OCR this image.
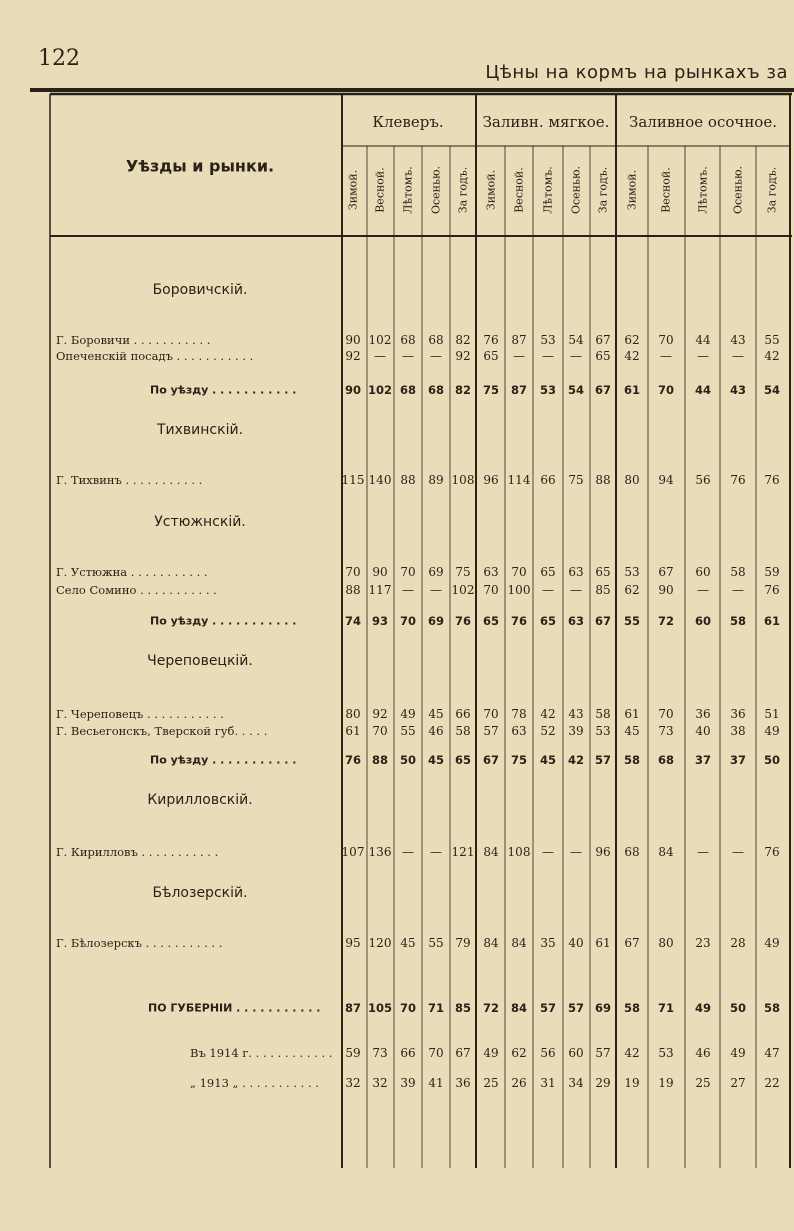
122
Цѣны на кормъ на рынкахъ за
Уѣзды и рынки.
Клеверъ.	Заливн. мягкое. Заливное осочное.
Зимой. Весной. Лѣтомъ. Осенью. За годъ. Зимой. Весной. Лѣтомъ. Осенью. За годъ. Зимой. Весной. Лѣтомъ. Осенью. За годъ.
Боровичскій.
Г. Боровичи . . . . . . . . . . .	90 102 68 68 82 76 87 53 54 67 62 70 44 43 55
Опеченскій посадъ . . . . . . . . . . .	92 — — — 92 65 — — — 65 42 — — — 42
По уѣзду . . . . . . . . . . .	90 102 68 68 82 75 87 53 54 67 61 70 44 43 54
Тихвинскій.
Г. Тихвинъ . . . . . . . . . . .	115 140 88 89 108 96 114 66 75 88 80 94 56 76 76
Устюжнскій.
Г. Устюжна . . . . . . . . . . .	70 90 70 69 75 63 70 65 63 65 53 67 60 58 59
Село Сомино . . . . . . . . . . .	88 117 — — 102 70 100 — — 85 62 90 — — 76
По уѣзду . . . . . . . . . . .	74 93 70 69 76 65 76 65 63 67 55 72 60 58 61
Череповецкій.
Г. Череповецъ . . . . . . . . . . .	80 92 49 45 66 70 78 42 43 58 61 70 36 36 51
Г. Весьегонскъ, Тверской губ. . . . .	61 70 55 46 58 57 63 52 39 53 45 73 40 38 49
По уѣзду . . . . . . . . . . .	76 88 50 45 65 67 75 45 42 57 58 68 37 37 50
Кирилловскій.
Г. Кирилловъ . . . . . . . . . . .	107 136 — — 121 84 108 — — 96 68 84 — — 76
Бѣлозерскій.
Г. Бѣлозерскъ . . . . . . . . . . .	95 120 45 55 79 84 84 35 40 61 67 80 23 28 49
ПО ГУБЕРНІИ . . . . . . . . . . . 87 105 70 71 85 72 84 57 57 69 58 71 49 50 58
Въ 1914 г. . . . . . . . . . . . 59 73 66 70 67 49 62 56 60 57 42 53 46 49 47
„ 1913 „ . . . . . . . . . . . 32 32 39 41 36 25 26 31 34 29 19 19 25 27 22
